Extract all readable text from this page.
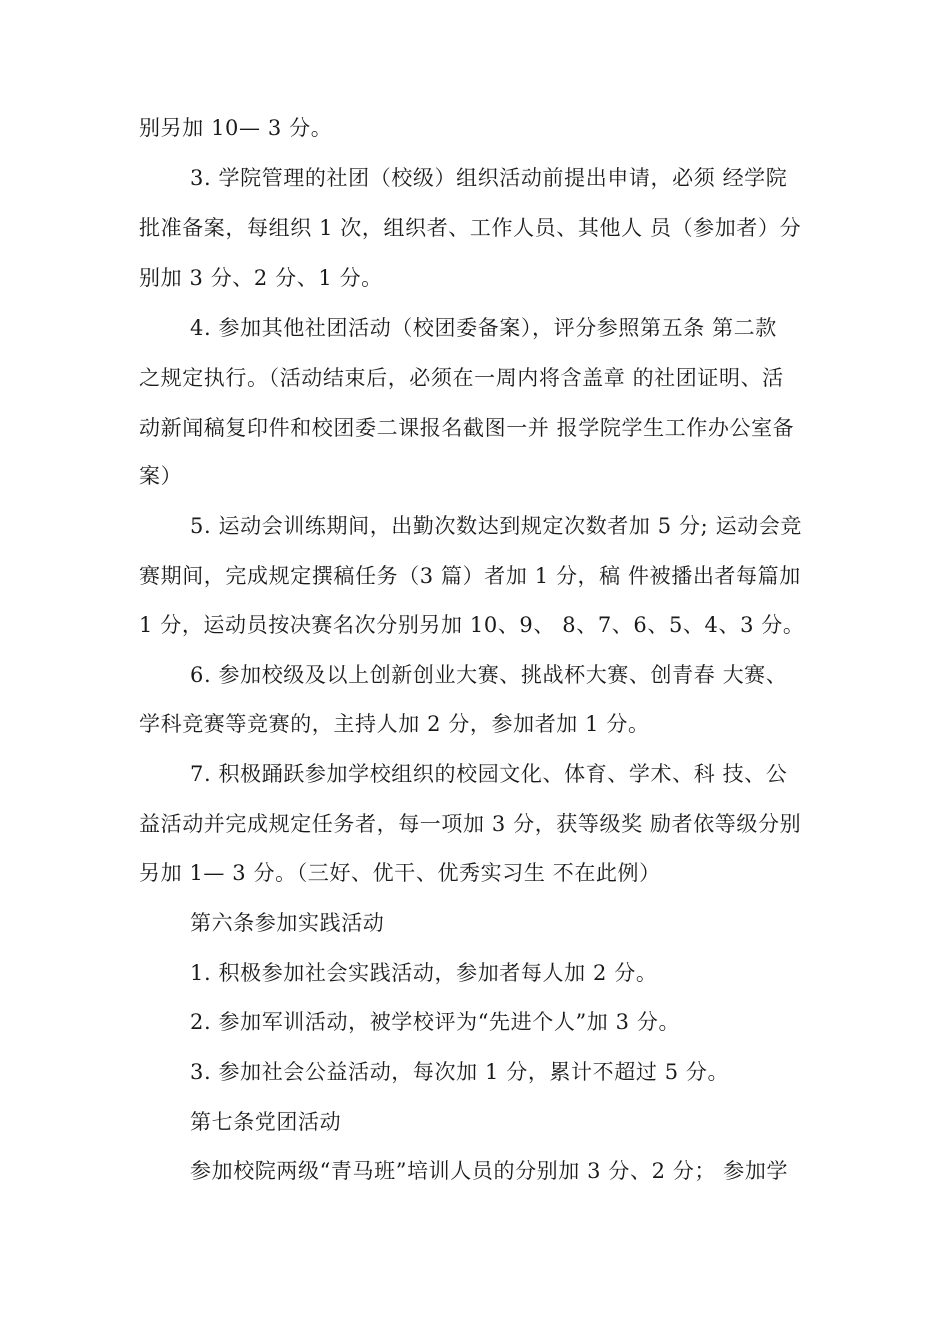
别另加 10— 3 分。
3. 学院管理的社团（校级）组织活动前提出申请，必须 经学院
批准备案，每组织 1 次，组织者、工作人员、其他人 员（参加者）分
别加 3 分、2 分、1 分。
4. 参加其他社团活动（校团委备案），评分参照第五条 第二款
之规定执行。（活动结束后，必须在一周内将含盖章 的社团证明、活
动新闻稿复印件和校团委二课报名截图一并 报学院学生工作办公室备
案）
5. 运动会训练期间，出勤次数达到规定次数者加 5 分; 运动会竞
赛期间，完成规定撰稿任务（3 篇）者加 1 分，稿 件被播出者每篇加
1 分，运动员按决赛名次分别另加 10、9、 8、7、6、5、4、3 分。
6. 参加校级及以上创新创业大赛、挑战杯大赛、创青春 大赛、
学科竞赛等竞赛的，主持人加 2 分，参加者加 1 分。
7. 积极踊跃参加学校组织的校园文化、体育、学术、科 技、公
益活动并完成规定任务者，每一项加 3 分，获等级奖 励者依等级分别
另加 1— 3 分。（三好、优干、优秀实习生 不在此例）
第六条参加实践活动
1. 积极参加社会实践活动，参加者每人加 2 分。
2. 参加军训活动，被学校评为“先进个人”加 3 分。
3. 参加社会公益活动，每次加 1 分，累计不超过 5 分。
第七条党团活动
参加校院两级“青马班”培训人员的分别加 3 分、2 分； 参加学
